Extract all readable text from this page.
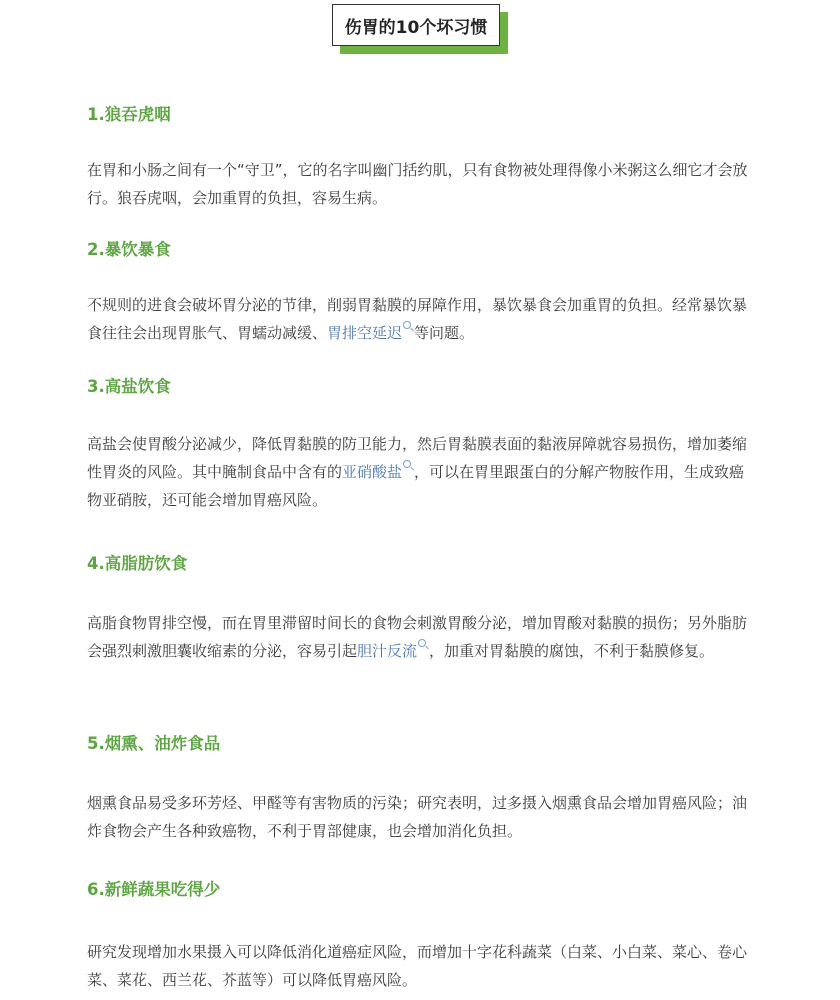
伤胃的10个坏习惯

1.狼吞虎咽

在胃和小肠之间有一个“守卫”，它的名字叫幽门括约肌，只有食物被处理得像小米粥这么细它才会放行。狼吞虎咽，会加重胃的负担，容易生病。

2.暴饮暴食

不规则的进食会破坏胃分泌的节律，削弱胃黏膜的屏障作用，暴饮暴食会加重胃的负担。经常暴饮暴食往往会出现胃胀气、胃蠕动减缓、胃排空延迟 等问题。

3.高盐饮食

高盐会使胃酸分泌减少，降低胃黏膜的防卫能力，然后胃黏膜表面的黏液屏障就容易损伤，增加萎缩性胃炎的风险。其中腌制食品中含有的亚硝酸盐 ，可以在胃里跟蛋白的分解产物胺作用，生成致癌物亚硝胺，还可能会增加胃癌风险。

4.高脂肪饮食

高脂食物胃排空慢，而在胃里滞留时间长的食物会刺激胃酸分泌，增加胃酸对黏膜的损伤；另外脂肪会强烈刺激胆囊收缩素的分泌，容易引起胆汁反流 ，加重对胃黏膜的腐蚀，不利于黏膜修复。

5.烟熏、油炸食品

烟熏食品易受多环芳烃、甲醛等有害物质的污染；研究表明，过多摄入烟熏食品会增加胃癌风险；油炸食物会产生各种致癌物，不利于胃部健康，也会增加消化负担。

6.新鲜蔬果吃得少

研究发现增加水果摄入可以降低消化道癌症风险，而增加十字花科蔬菜（白菜、小白菜、菜心、卷心菜、菜花、西兰花、芥蓝等）可以降低胃癌风险。
